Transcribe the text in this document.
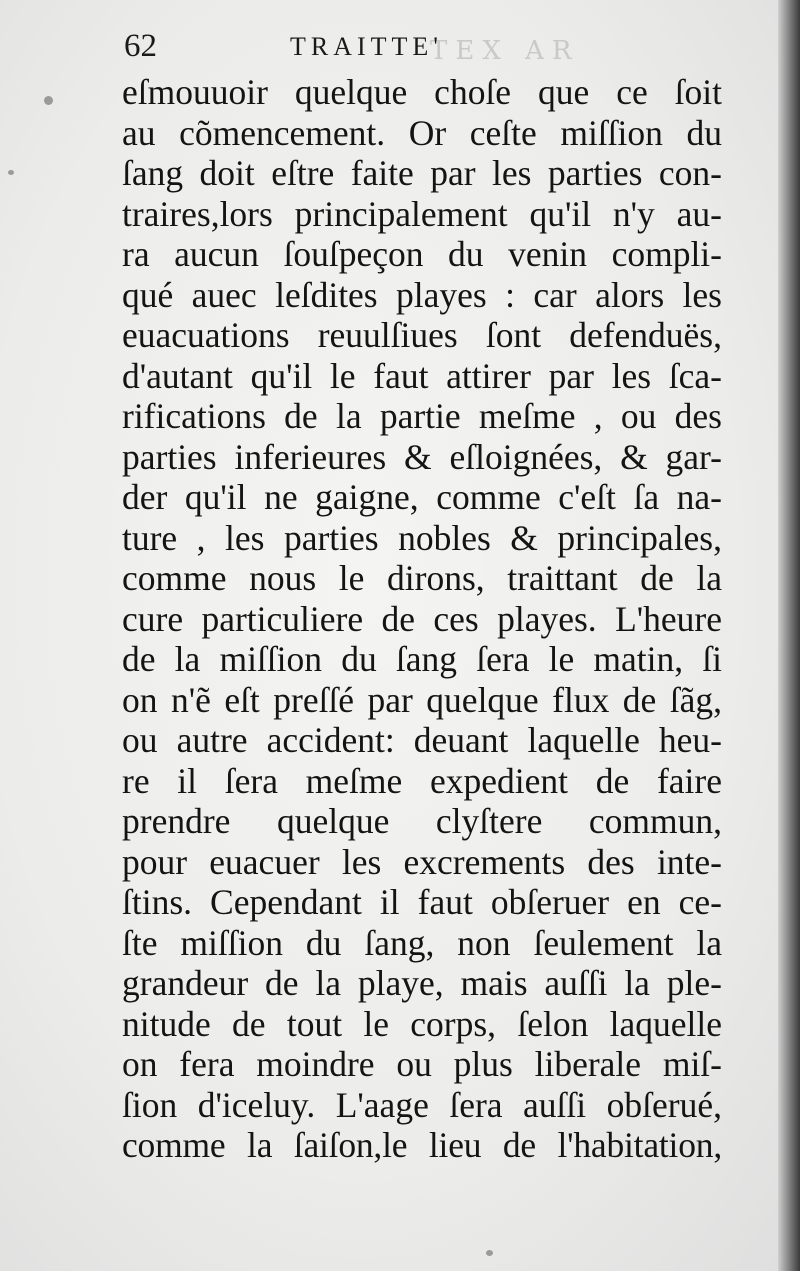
TEX AR
62	TRAITTE'
eſmouuoir quelque choſe que ce ſoit
au cõmencement. Or ceſte miſſion du
ſang doit eſtre faite par les parties con-
traires,lors principalement qu'il n'y au-
ra aucun ſouſpeçon du venin compli-
qué auec leſdites playes : car alors les
euacuations reuulſiues ſont defenduës,
d'autant qu'il le faut attirer par les ſca-
rifications de la partie meſme , ou des
parties inferieures & eſloignées, & gar-
der qu'il ne gaigne, comme c'eſt ſa na-
ture , les parties nobles & principales,
comme nous le dirons, traittant de la
cure particuliere de ces playes. L'heure
de la miſſion du ſang ſera le matin, ſi
on n'ẽ eſt preſſé par quelque flux de ſãg,
ou autre accident: deuant laquelle heu-
re il ſera meſme expedient de faire
prendre quelque clyſtere commun,
pour euacuer les excrements des inte-
ſtins. Cependant il faut obſeruer en ce-
ſte miſſion du ſang, non ſeulement la
grandeur de la playe, mais auſſi la ple-
nitude de tout le corps, ſelon laquelle
on fera moindre ou plus liberale miſ-
ſion d'iceluy. L'aage ſera auſſi obſerué,
comme la ſaiſon,le lieu de l'habitation,
